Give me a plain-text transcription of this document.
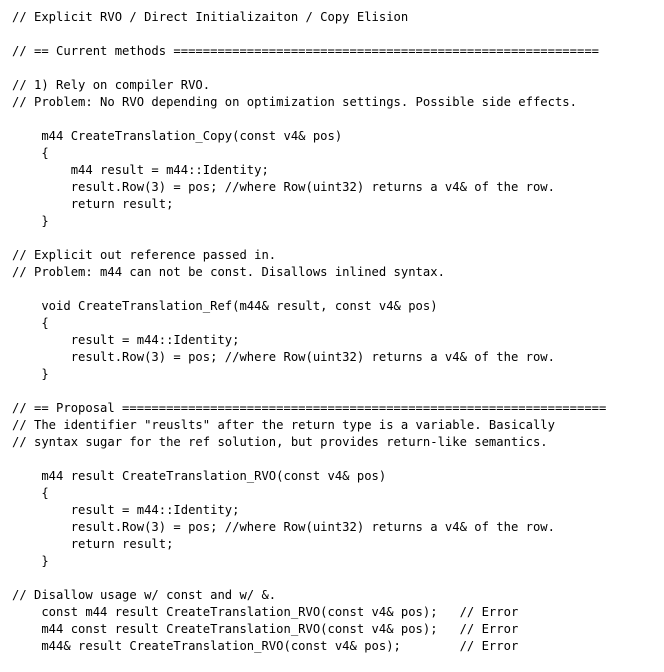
// Explicit RVO / Direct Initializaiton / Copy Elision
// == Current methods ==========================================================
// 1) Rely on compiler RVO.
// Problem: No RVO depending on optimization settings. Possible side effects.
m44 CreateTranslation_Copy(const v4& pos)
{
m44 result = m44::Identity;
result.Row(3) = pos; //where Row(uint32) returns a v4& of the row.
return result;
}
// Explicit out reference passed in.
// Problem: m44 can not be const. Disallows inlined syntax.
void CreateTranslation_Ref(m44& result, const v4& pos)
{
result = m44::Identity;
result.Row(3) = pos; //where Row(uint32) returns a v4& of the row.
}
// == Proposal ==================================================================
// The identifier "reuslts" after the return type is a variable. Basically
// syntax sugar for the ref solution, but provides return-like semantics.
m44 result CreateTranslation_RVO(const v4& pos)
{
result = m44::Identity;
result.Row(3) = pos; //where Row(uint32) returns a v4& of the row.
return result;
}
// Disallow usage w/ const and w/ &.
const m44 result CreateTranslation_RVO(const v4& pos);   // Error
m44 const result CreateTranslation_RVO(const v4& pos);   // Error
m44& result CreateTranslation_RVO(const v4& pos);        // Error
